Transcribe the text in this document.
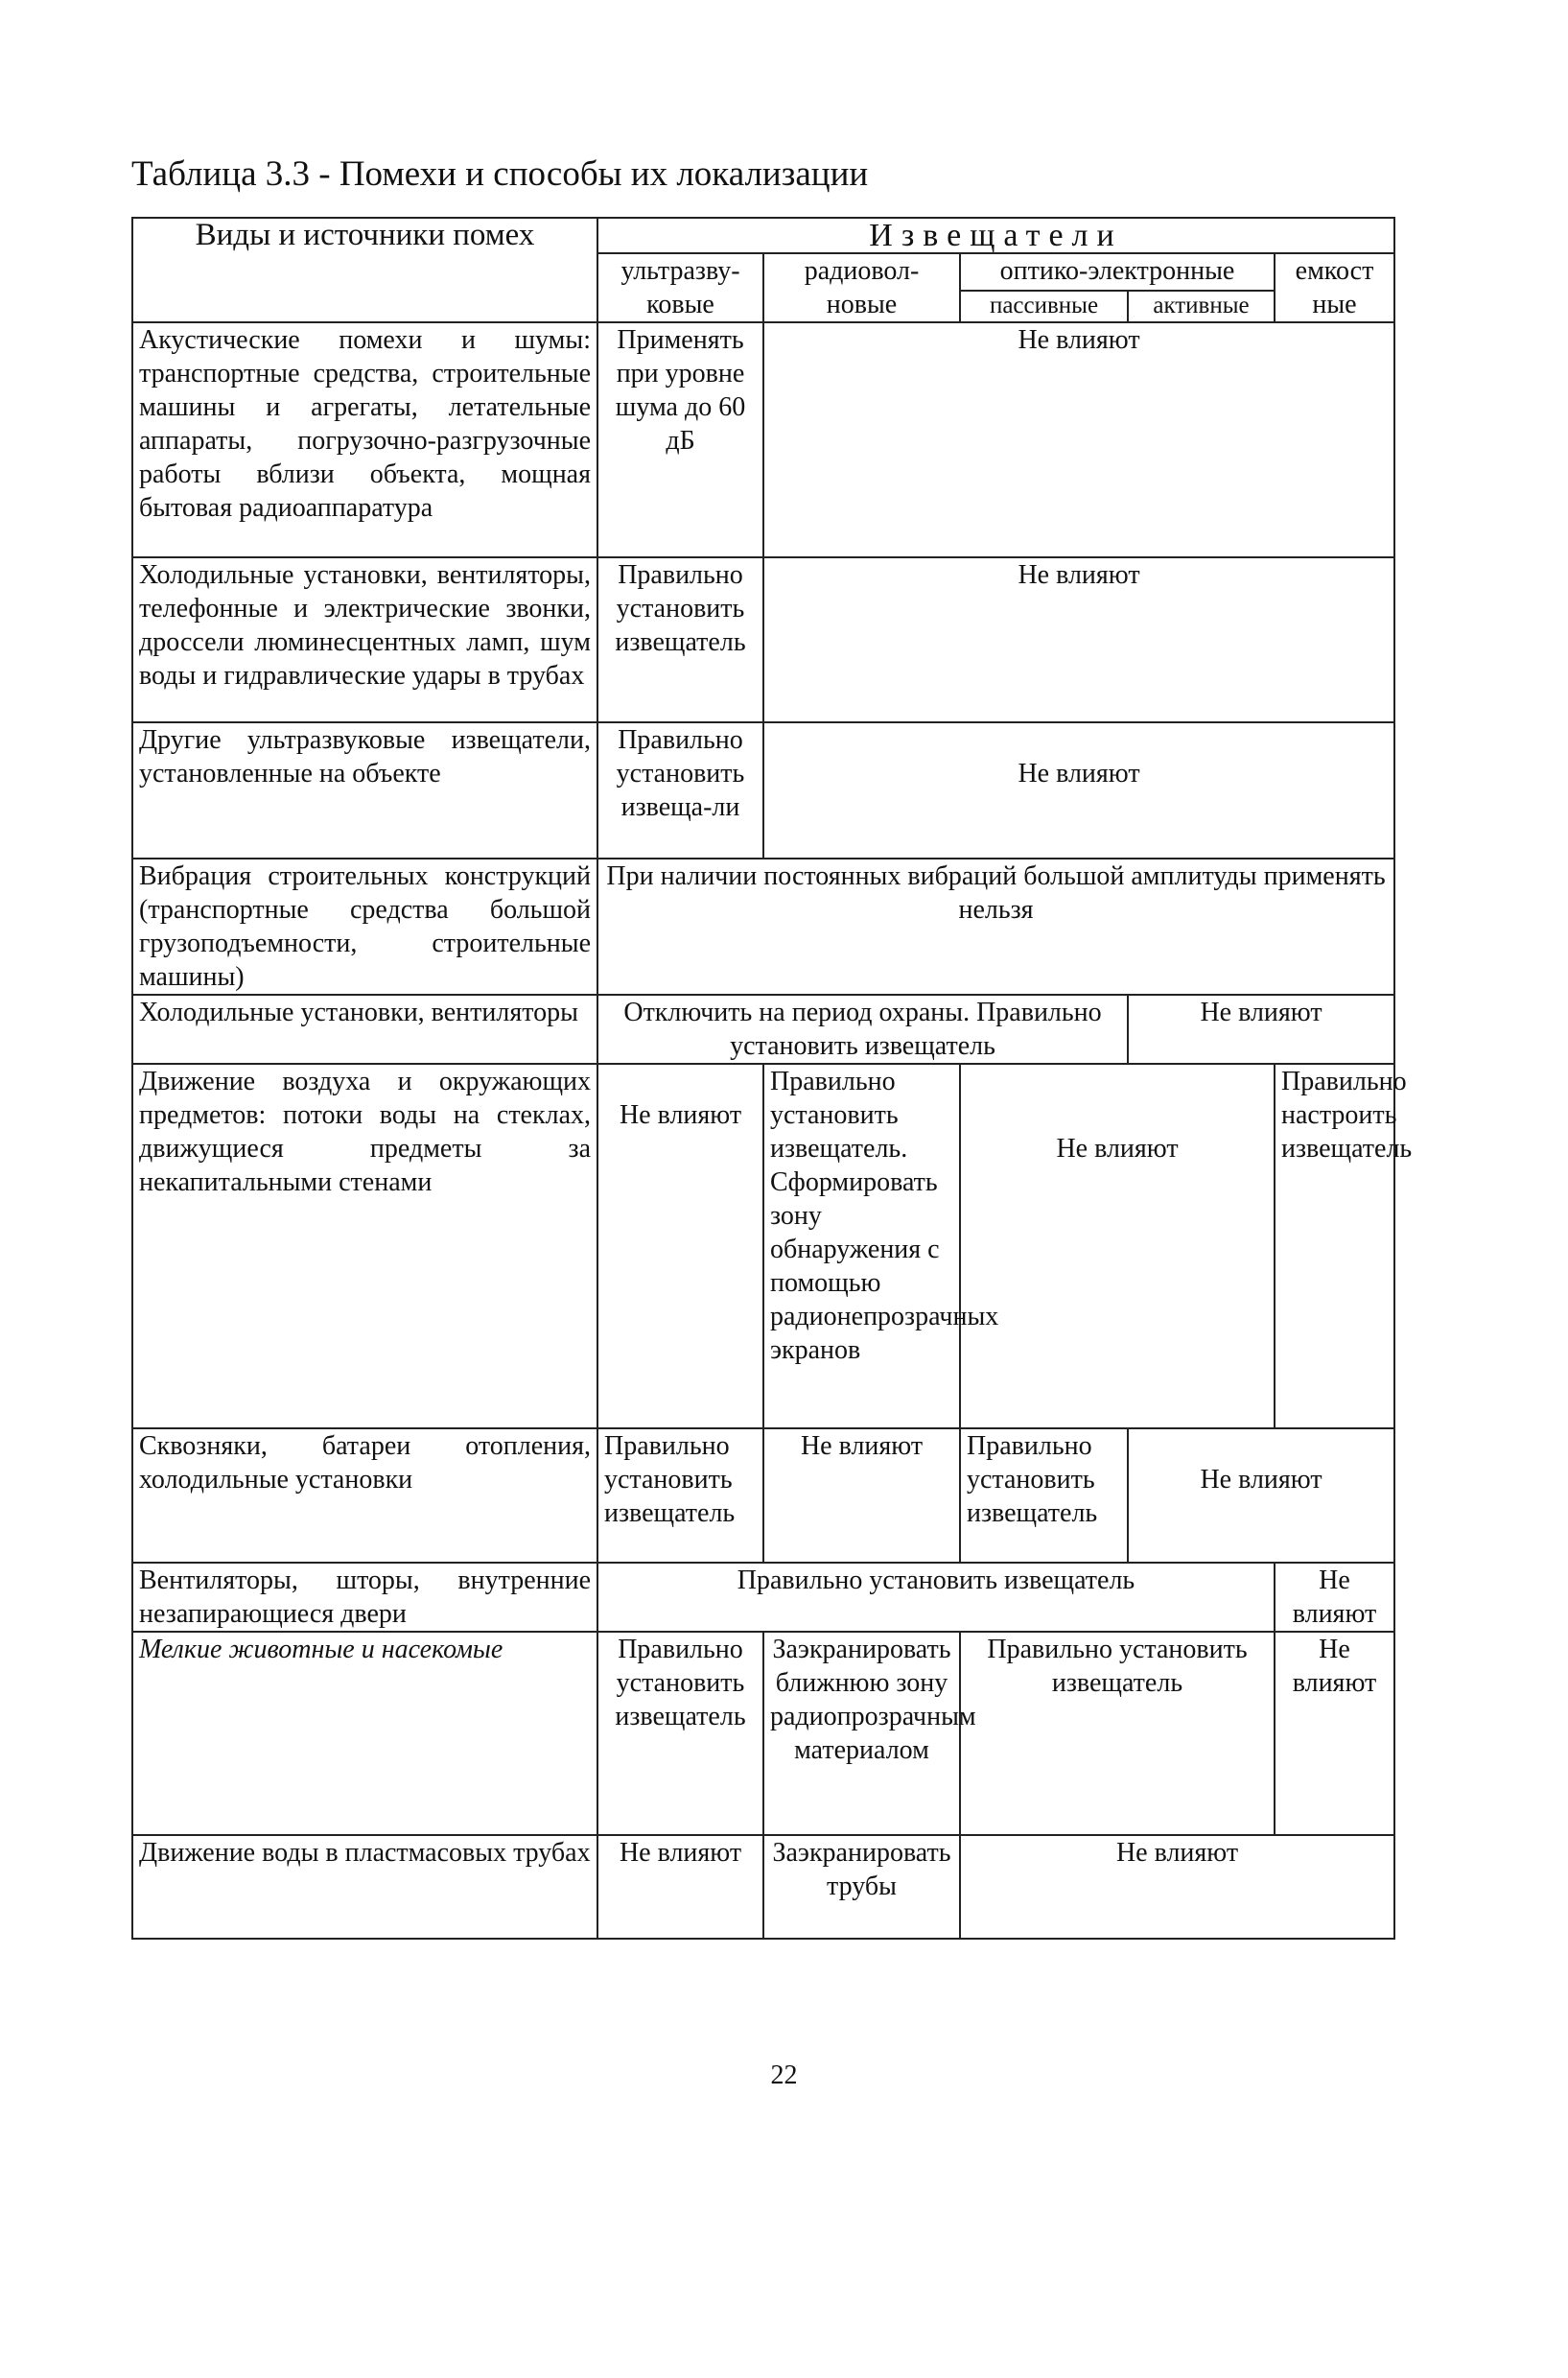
Таблица 3.3 - Помехи и способы их локализации
Виды и источники помех	Извещатели				
	ультразву-ковые	радиовол-новые	оптико-электронные		емкост ные
			пассивные	активные	
Акустические помехи и шумы: транспортные средства, строительные машины и агрегаты, летательные аппараты, погрузочно-разгрузочные работы вблизи объекта, мощная бытовая радиоаппаратура	Применять при уровне шума до 60 дБ	Не влияют			
Холодильные установки, вентиляторы, телефонные и электрические звонки, дроссели люминесцентных ламп, шум воды и гидравлические удары в трубах	Правильно установить извещатель	Не влияют			
Другие ультразвуковые извещатели, установленные на объекте	Правильно установить извеща-ли	Не влияют			
Вибрация строительных конструкций (транспортные средства большой грузоподъемности, строительные машины)	При наличии постоянных вибраций большой амплитуды применять нельзя				
Холодильные установки, вентиляторы	Отключить на период охраны. Правильно установить извещатель			Не влияют	
Движение воздуха и окружающих предметов: потоки воды на стеклах, движущиеся предметы за некапитальными стенами	Не влияют	Правильно установить извещатель. Сформировать зону обнаружения с помощью радионепрозрачных экранов	Не влияют		Правильно настроить извещатель
Сквозняки, батареи отопления, холодильные установки	Правильно установить извещатель	Не влияют	Правильно установить извещатель	Не влияют	
Вентиляторы, шторы, внутренние незапирающиеся двери	Правильно установить извещатель				Не влияют
Мелкие животные и насекомые	Правильно установить извещатель	Заэкранировать ближнюю зону радиопрозрачным материалом	Правильно установить извещатель		Не влияют
Движение воды в пластмасовых трубах	Не влияют	Заэкранировать трубы	Не влияют		
22
